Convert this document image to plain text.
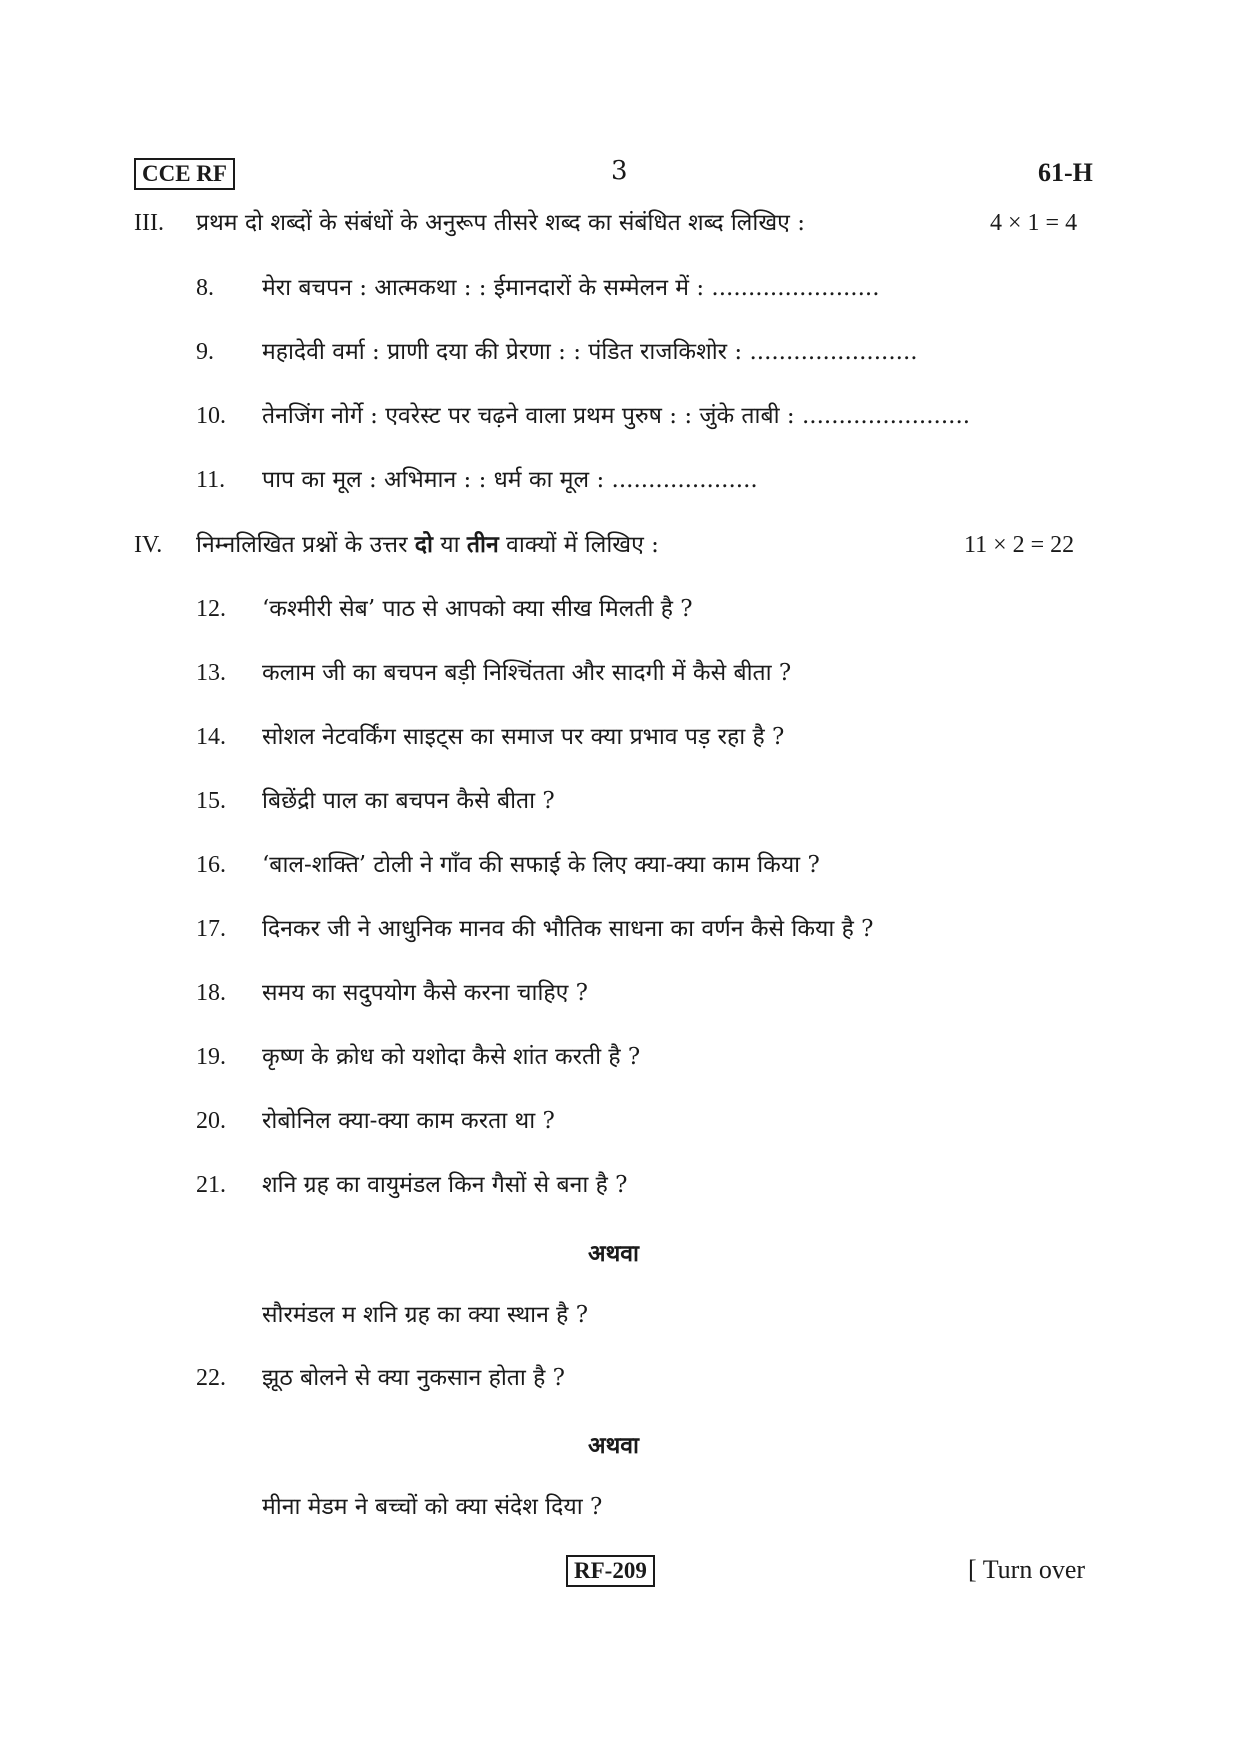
CCE RF	3	61-H
III. प्रथम दो शब्दों के संबंधों के अनुरूप तीसरे शब्द का संबंधित शब्द लिखिए :	4 × 1 = 4
8. मेरा बचपन : आत्मकथा : : ईमानदारों के सम्मेलन में : .......................
9. महादेवी वर्मा : प्राणी दया की प्रेरणा : : पंडित राजकिशोर : .......................
10. तेनजिंग नोर्गे : एवरेस्ट पर चढ़ने वाला प्रथम पुरुष : : जुंके ताबी : .......................
11. पाप का मूल : अभिमान : : धर्म का मूल : ....................
IV. निम्नलिखित प्रश्नों के उत्तर दो या तीन वाक्यों में लिखिए :	11 × 2 = 22
12. ‘कश्मीरी सेब’ पाठ से आपको क्या सीख मिलती है ?
13. कलाम जी का बचपन बड़ी निश्चिंतता और सादगी में कैसे बीता ?
14. सोशल नेटवर्किंग साइट्स का समाज पर क्या प्रभाव पड़ रहा है ?
15. बिछेंद्री पाल का बचपन कैसे बीता ?
16. ‘बाल-शक्ति’ टोली ने गाँव की सफाई के लिए क्या-क्या काम किया ?
17. दिनकर जी ने आधुनिक मानव की भौतिक साधना का वर्णन कैसे किया है ?
18. समय का सदुपयोग कैसे करना चाहिए ?
19. कृष्ण के क्रोध को यशोदा कैसे शांत करती है ?
20. रोबोनिल क्या-क्या काम करता था ?
21. शनि ग्रह का वायुमंडल किन गैसों से बना है ?
अथवा
सौरमंडल म शनि ग्रह का क्या स्थान है ?
22. झूठ बोलने से क्या नुकसान होता है ?
अथवा
मीना मेडम ने बच्चों को क्या संदेश दिया ?
RF-209	[ Turn over
